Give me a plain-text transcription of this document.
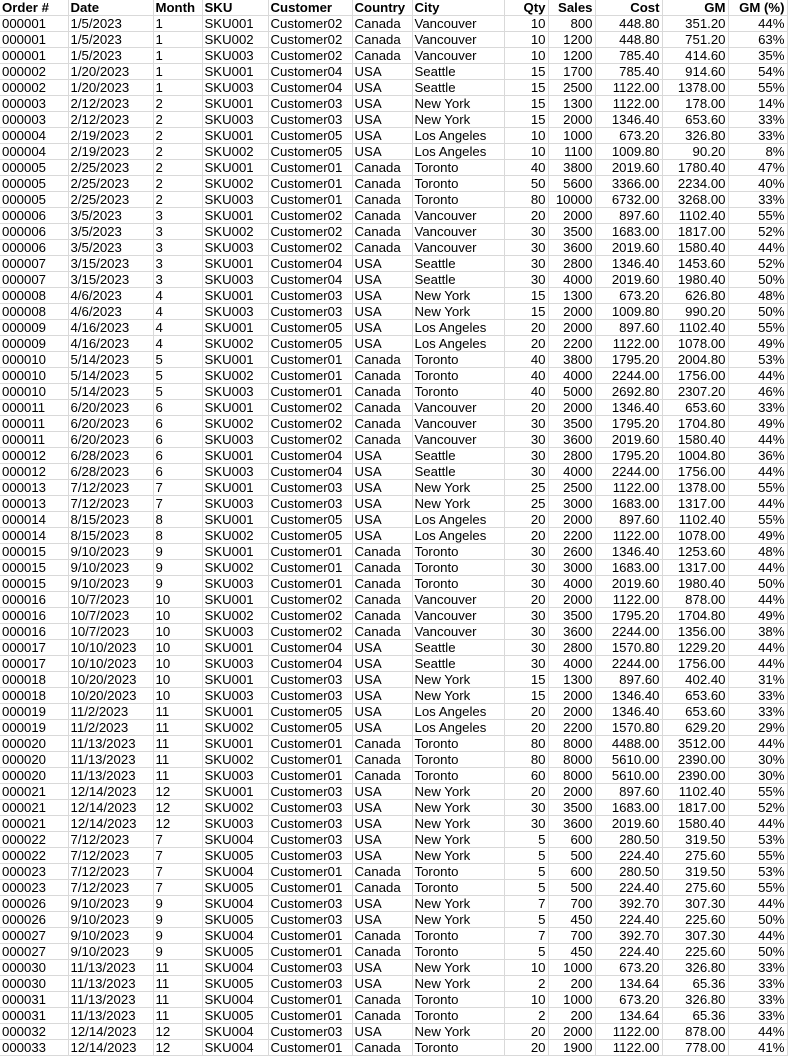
Order #	Date	Month	SKU	Customer	Country	City	Qty	Sales	Cost	GM	GM (%)
000001	1/5/2023	1	SKU001	Customer02	Canada	Vancouver	10	800	448.80	351.20	44%
000001	1/5/2023	1	SKU002	Customer02	Canada	Vancouver	10	1200	448.80	751.20	63%
000001	1/5/2023	1	SKU003	Customer02	Canada	Vancouver	10	1200	785.40	414.60	35%
000002	1/20/2023	1	SKU001	Customer04	USA	Seattle	15	1700	785.40	914.60	54%
000002	1/20/2023	1	SKU003	Customer04	USA	Seattle	15	2500	1122.00	1378.00	55%
000003	2/12/2023	2	SKU001	Customer03	USA	New York	15	1300	1122.00	178.00	14%
000003	2/12/2023	2	SKU003	Customer03	USA	New York	15	2000	1346.40	653.60	33%
000004	2/19/2023	2	SKU001	Customer05	USA	Los Angeles	10	1000	673.20	326.80	33%
000004	2/19/2023	2	SKU002	Customer05	USA	Los Angeles	10	1100	1009.80	90.20	8%
000005	2/25/2023	2	SKU001	Customer01	Canada	Toronto	40	3800	2019.60	1780.40	47%
000005	2/25/2023	2	SKU002	Customer01	Canada	Toronto	50	5600	3366.00	2234.00	40%
000005	2/25/2023	2	SKU003	Customer01	Canada	Toronto	80	10000	6732.00	3268.00	33%
000006	3/5/2023	3	SKU001	Customer02	Canada	Vancouver	20	2000	897.60	1102.40	55%
000006	3/5/2023	3	SKU002	Customer02	Canada	Vancouver	30	3500	1683.00	1817.00	52%
000006	3/5/2023	3	SKU003	Customer02	Canada	Vancouver	30	3600	2019.60	1580.40	44%
000007	3/15/2023	3	SKU001	Customer04	USA	Seattle	30	2800	1346.40	1453.60	52%
000007	3/15/2023	3	SKU003	Customer04	USA	Seattle	30	4000	2019.60	1980.40	50%
000008	4/6/2023	4	SKU001	Customer03	USA	New York	15	1300	673.20	626.80	48%
000008	4/6/2023	4	SKU003	Customer03	USA	New York	15	2000	1009.80	990.20	50%
000009	4/16/2023	4	SKU001	Customer05	USA	Los Angeles	20	2000	897.60	1102.40	55%
000009	4/16/2023	4	SKU002	Customer05	USA	Los Angeles	20	2200	1122.00	1078.00	49%
000010	5/14/2023	5	SKU001	Customer01	Canada	Toronto	40	3800	1795.20	2004.80	53%
000010	5/14/2023	5	SKU002	Customer01	Canada	Toronto	40	4000	2244.00	1756.00	44%
000010	5/14/2023	5	SKU003	Customer01	Canada	Toronto	40	5000	2692.80	2307.20	46%
000011	6/20/2023	6	SKU001	Customer02	Canada	Vancouver	20	2000	1346.40	653.60	33%
000011	6/20/2023	6	SKU002	Customer02	Canada	Vancouver	30	3500	1795.20	1704.80	49%
000011	6/20/2023	6	SKU003	Customer02	Canada	Vancouver	30	3600	2019.60	1580.40	44%
000012	6/28/2023	6	SKU001	Customer04	USA	Seattle	30	2800	1795.20	1004.80	36%
000012	6/28/2023	6	SKU003	Customer04	USA	Seattle	30	4000	2244.00	1756.00	44%
000013	7/12/2023	7	SKU001	Customer03	USA	New York	25	2500	1122.00	1378.00	55%
000013	7/12/2023	7	SKU003	Customer03	USA	New York	25	3000	1683.00	1317.00	44%
000014	8/15/2023	8	SKU001	Customer05	USA	Los Angeles	20	2000	897.60	1102.40	55%
000014	8/15/2023	8	SKU002	Customer05	USA	Los Angeles	20	2200	1122.00	1078.00	49%
000015	9/10/2023	9	SKU001	Customer01	Canada	Toronto	30	2600	1346.40	1253.60	48%
000015	9/10/2023	9	SKU002	Customer01	Canada	Toronto	30	3000	1683.00	1317.00	44%
000015	9/10/2023	9	SKU003	Customer01	Canada	Toronto	30	4000	2019.60	1980.40	50%
000016	10/7/2023	10	SKU001	Customer02	Canada	Vancouver	20	2000	1122.00	878.00	44%
000016	10/7/2023	10	SKU002	Customer02	Canada	Vancouver	30	3500	1795.20	1704.80	49%
000016	10/7/2023	10	SKU003	Customer02	Canada	Vancouver	30	3600	2244.00	1356.00	38%
000017	10/10/2023	10	SKU001	Customer04	USA	Seattle	30	2800	1570.80	1229.20	44%
000017	10/10/2023	10	SKU003	Customer04	USA	Seattle	30	4000	2244.00	1756.00	44%
000018	10/20/2023	10	SKU001	Customer03	USA	New York	15	1300	897.60	402.40	31%
000018	10/20/2023	10	SKU003	Customer03	USA	New York	15	2000	1346.40	653.60	33%
000019	11/2/2023	11	SKU001	Customer05	USA	Los Angeles	20	2000	1346.40	653.60	33%
000019	11/2/2023	11	SKU002	Customer05	USA	Los Angeles	20	2200	1570.80	629.20	29%
000020	11/13/2023	11	SKU001	Customer01	Canada	Toronto	80	8000	4488.00	3512.00	44%
000020	11/13/2023	11	SKU002	Customer01	Canada	Toronto	80	8000	5610.00	2390.00	30%
000020	11/13/2023	11	SKU003	Customer01	Canada	Toronto	60	8000	5610.00	2390.00	30%
000021	12/14/2023	12	SKU001	Customer03	USA	New York	20	2000	897.60	1102.40	55%
000021	12/14/2023	12	SKU002	Customer03	USA	New York	30	3500	1683.00	1817.00	52%
000021	12/14/2023	12	SKU003	Customer03	USA	New York	30	3600	2019.60	1580.40	44%
000022	7/12/2023	7	SKU004	Customer03	USA	New York	5	600	280.50	319.50	53%
000022	7/12/2023	7	SKU005	Customer03	USA	New York	5	500	224.40	275.60	55%
000023	7/12/2023	7	SKU004	Customer01	Canada	Toronto	5	600	280.50	319.50	53%
000023	7/12/2023	7	SKU005	Customer01	Canada	Toronto	5	500	224.40	275.60	55%
000026	9/10/2023	9	SKU004	Customer03	USA	New York	7	700	392.70	307.30	44%
000026	9/10/2023	9	SKU005	Customer03	USA	New York	5	450	224.40	225.60	50%
000027	9/10/2023	9	SKU004	Customer01	Canada	Toronto	7	700	392.70	307.30	44%
000027	9/10/2023	9	SKU005	Customer01	Canada	Toronto	5	450	224.40	225.60	50%
000030	11/13/2023	11	SKU004	Customer03	USA	New York	10	1000	673.20	326.80	33%
000030	11/13/2023	11	SKU005	Customer03	USA	New York	2	200	134.64	65.36	33%
000031	11/13/2023	11	SKU004	Customer01	Canada	Toronto	10	1000	673.20	326.80	33%
000031	11/13/2023	11	SKU005	Customer01	Canada	Toronto	2	200	134.64	65.36	33%
000032	12/14/2023	12	SKU004	Customer03	USA	New York	20	2000	1122.00	878.00	44%
000033	12/14/2023	12	SKU004	Customer01	Canada	Toronto	20	1900	1122.00	778.00	41%
